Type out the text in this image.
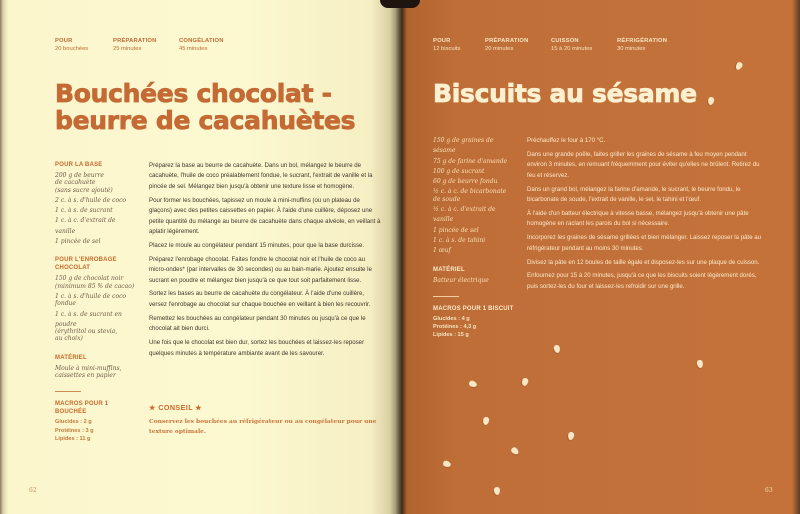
POUR
20 bouchées
PRÉPARATION
25 minutes
CONGÉLATION
45 minutes
Bouchées chocolat -
beurre de cacahuètes
POUR LA BASE
200 g de beurre
de cacahuète
(sans sucre ajouté)
2 c. à s. d'huile de coco
1 c. à s. de sucrant
1 c. à c. d'extrait de vanille
1 pincée de sel
POUR L'ENROBAGE
CHOCOLAT
150 g de chocolat noir
(minimum 85 % de cacao)
1 c. à s. d'huile de coco
fondue
1 c. à s. de sucrant en poudre
(érythritol ou stevia,
au choix)
MATÉRIEL
Moule à mini-muffins,
caissettes en papier
MACROS POUR 1 BOUCHÉE
Glucides : 2 g
Protéines : 3 g
Lipides : 11 g

Préparez la base au beurre de cacahuète. Dans un bol, mélangez le beurre de cacahuète, l'huile de coco préalablement fondue, le sucrant, l'extrait de vanille et la pincée de sel. Mélangez bien jusqu'à obtenir une texture lisse et homogène.

Pour former les bouchées, tapissez un moule à mini-muffins (ou un plateau de glaçons) avec des petites caissettes en papier. À l'aide d'une cuillère, déposez une petite quantité du mélange au beurre de cacahuète dans chaque alvéole, en veillant à aplatir légèrement.

Placez le moule au congélateur pendant 15 minutes, pour que la base durcisse.

Préparez l'enrobage chocolat. Faites fondre le chocolat noir et l'huile de coco au micro-ondes* (par intervalles de 30 secondes) ou au bain-marie. Ajoutez ensuite le sucrant en poudre et mélangez bien jusqu'à ce que tout soit parfaitement lisse.

Sortez les bases au beurre de cacahuète du congélateur. À l'aide d'une cuillère, versez l'enrobage au chocolat sur chaque bouchée en veillant à bien les recouvrir.

Remettez les bouchées au congélateur pendant 30 minutes ou jusqu'à ce que le chocolat ait bien durci.

Une fois que le chocolat est bien dur, sortez les bouchées et laissez-les reposer quelques minutes à température ambiante avant de les savourer.

★ CONSEIL ★
Conservez les bouchées au réfrigérateur ou au congélateur pour une texture optimale.
62
POUR
12 biscuits
PRÉPARATION
20 minutes
CUISSON
15 à 20 minutes
RÉFRIGÉRATION
30 minutes
Biscuits au sésame
150 g de graines de sésame
75 g de farine d'amande
100 g de sucrant
60 g de beurre fondu
½ c. à c. de bicarbonate
de soude
½ c. à c. d'extrait de vanille
1 pincée de sel
1 c. à s. de tahini
1 œuf
MATÉRIEL
Batteur électrique
MACROS POUR 1 BISCUIT
Glucides : 4 g
Protéines : 4,3 g
Lipides : 15 g

Préchauffez le four à 170 °C.

Dans une grande poêle, faites griller les graines de sésame à feu moyen pendant environ 3 minutes, en remuant fréquemment pour éviter qu'elles ne brûlent. Retirez du feu et réservez.

Dans un grand bol, mélangez la farine d'amande, le sucrant, le beurre fondu, le bicarbonate de soude, l'extrait de vanille, le sel, le tahini et l'œuf.

À l'aide d'un batteur électrique à vitesse basse, mélangez jusqu'à obtenir une pâte homogène en raclant les parois du bol si nécessaire.

Incorporez les graines de sésame grillées et bien mélanger. Laissez reposer la pâte au réfrigérateur pendant au moins 30 minutes.

Divisez la pâte en 12 boules de taille égale et disposez-les sur une plaque de cuisson.

Enfournez pour 15 à 20 minutes, jusqu'à ce que les biscuits soient légèrement dorés, puis sortez-les du four et laissez-les refroidir sur une grille.

63
